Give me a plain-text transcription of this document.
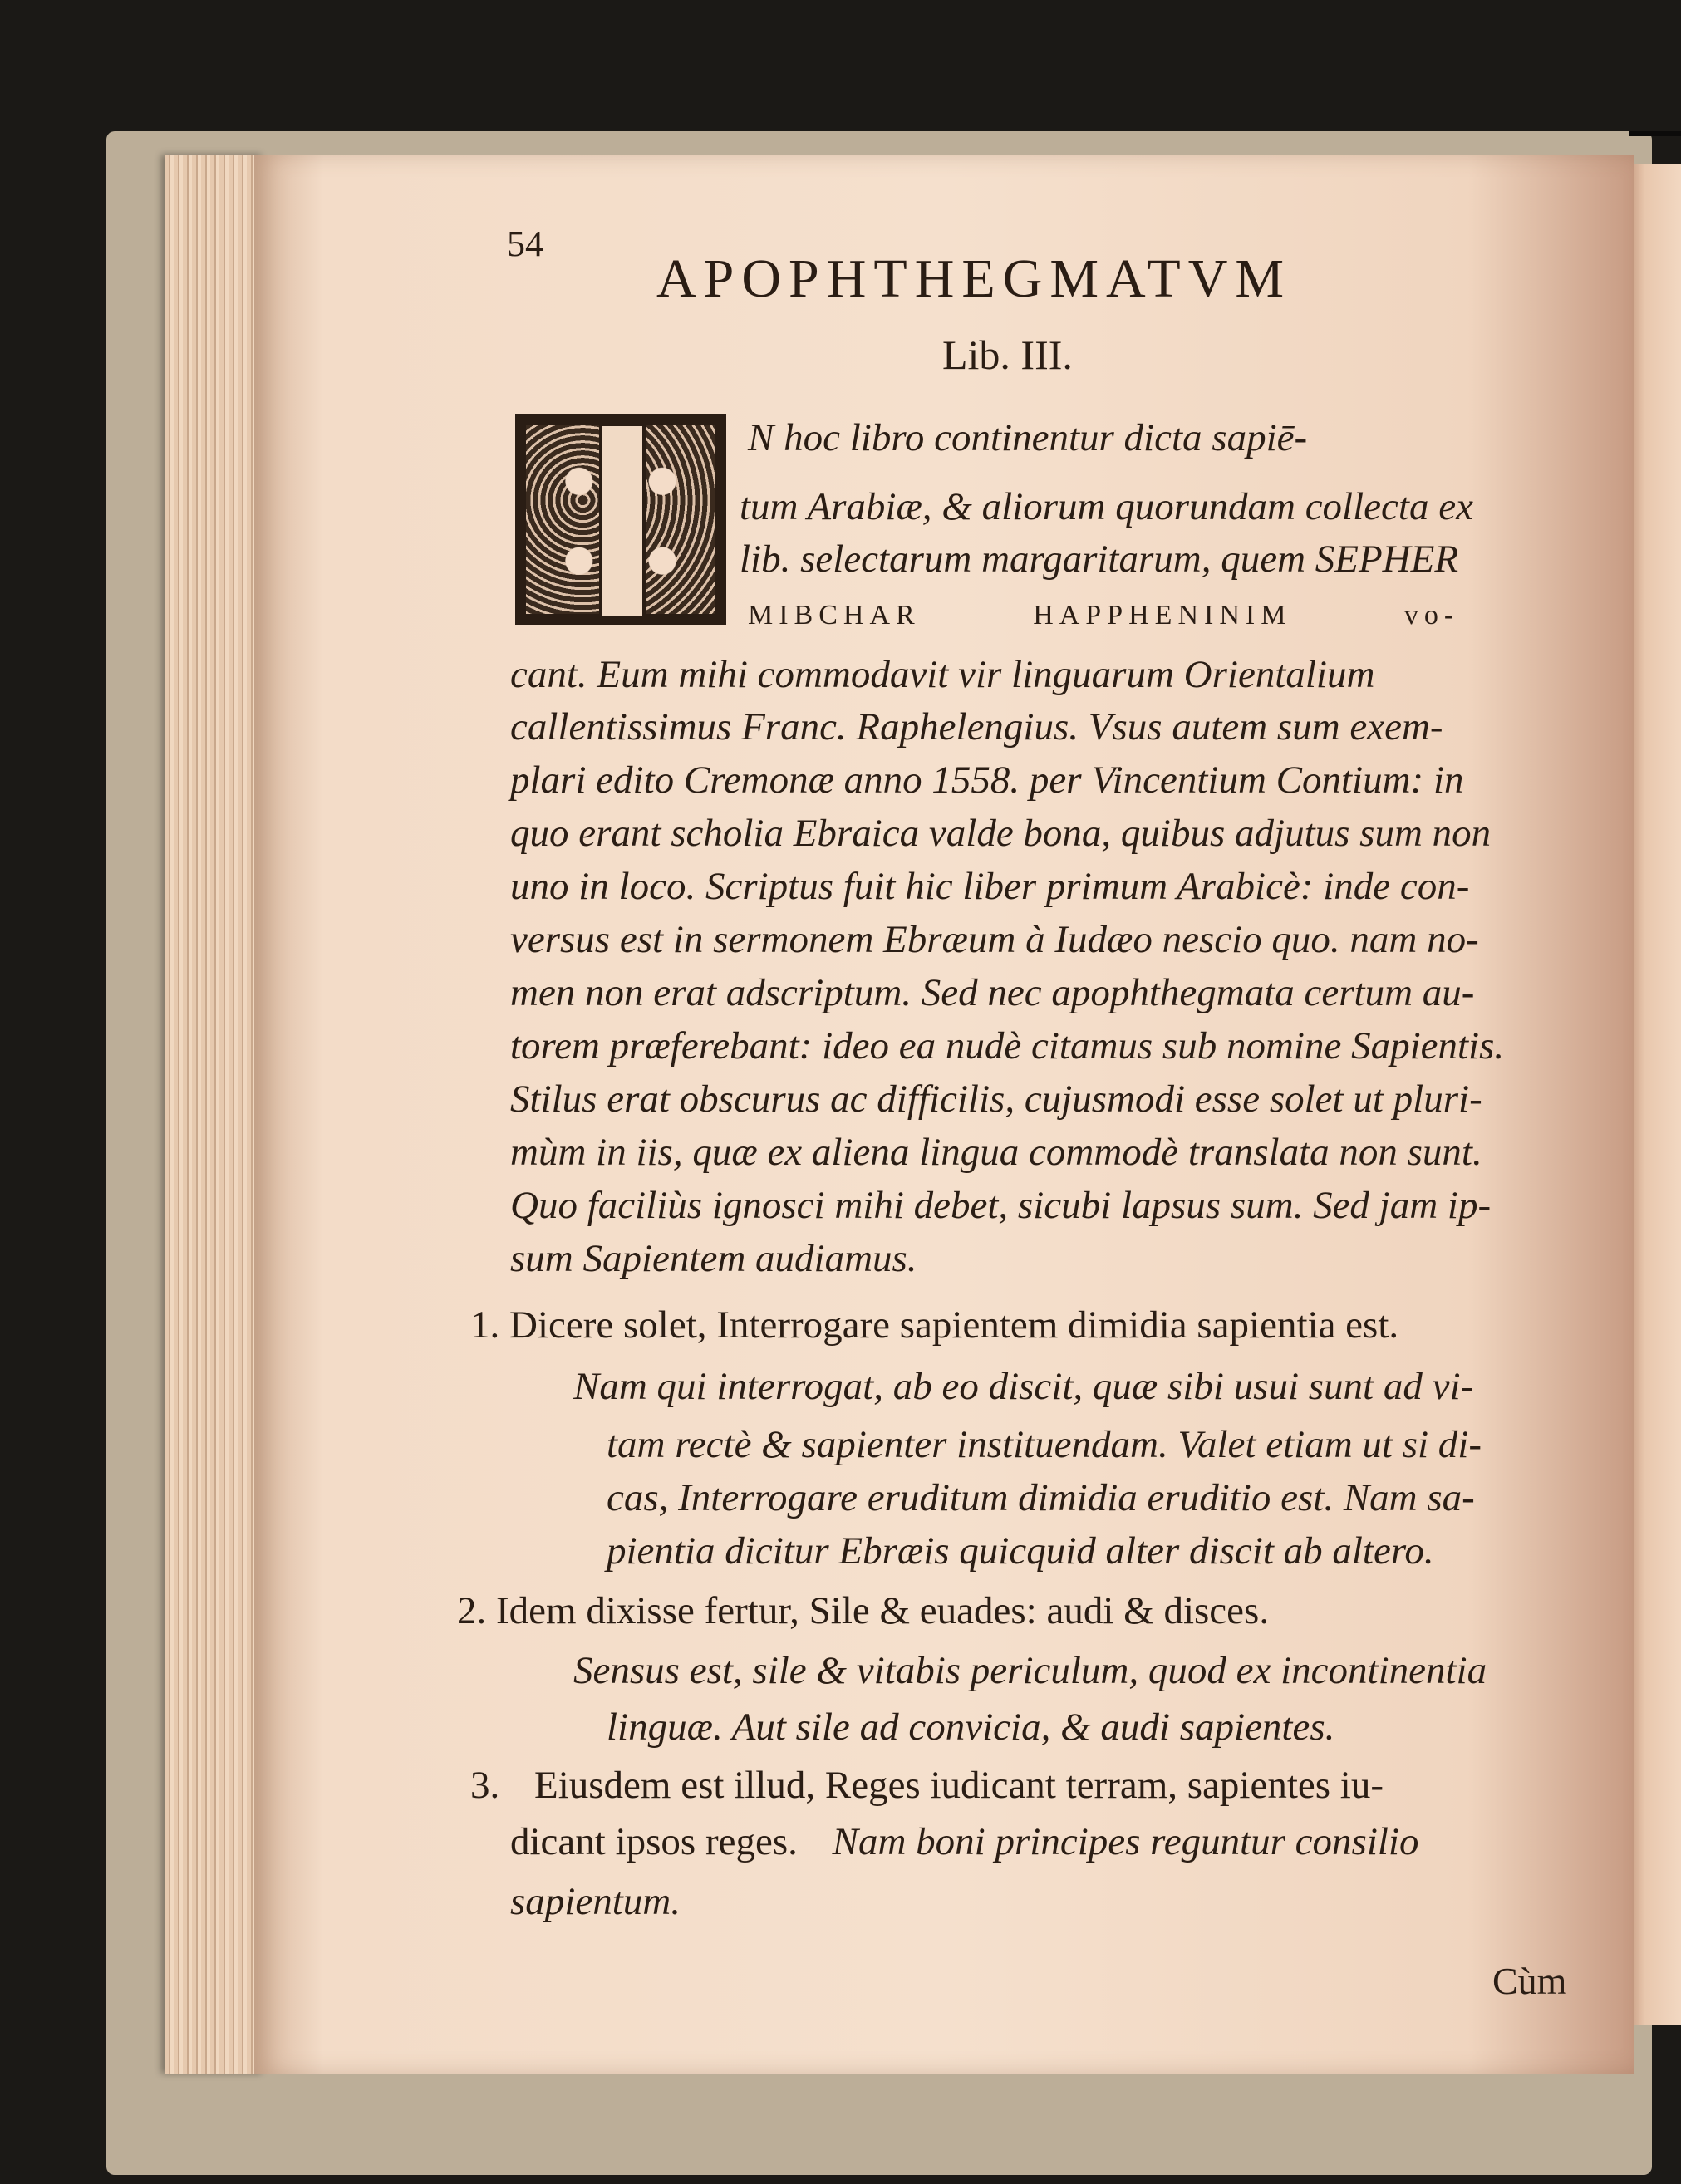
54
APOPHTHEGMATVM
Lib. III.
N hoc libro continentur dicta sapiē-
tum Arabiæ, & aliorum quorundam collecta ex
lib. selectarum margaritarum, quem SEPHER
MIBCHAR HAPPHENINIM vo-
cant. Eum mihi commodavit vir linguarum Orientalium
callentissimus Franc. Raphelengius. Vsus autem sum exem-
plari edito Cremonæ anno 1558. per Vincentium Contium: in
quo erant scholia Ebraica valde bona, quibus adjutus sum non
uno in loco. Scriptus fuit hic liber primum Arabicè: inde con-
versus est in sermonem Ebræum à Iudæo nescio quo. nam no-
men non erat adscriptum. Sed nec apophthegmata certum au-
torem præferebant: ideo ea nudè citamus sub nomine Sapientis.
Stilus erat obscurus ac difficilis, cujusmodi esse solet ut pluri-
mùm in iis, quæ ex aliena lingua commodè translata non sunt.
Quo faciliùs ignosci mihi debet, sicubi lapsus sum. Sed jam ip-
sum Sapientem audiamus.
1. Dicere solet, Interrogare sapientem dimidia sapientia est.
Nam qui interrogat, ab eo discit, quæ sibi usui sunt ad vi-
tam rectè & sapienter instituendam. Valet etiam ut si di-
cas, Interrogare eruditum dimidia eruditio est. Nam sa-
pientia dicitur Ebræis quicquid alter discit ab altero.
2. Idem dixisse fertur, Sile & euades: audi & disces.
Sensus est, sile & vitabis periculum, quod ex incontinentia
linguæ. Aut sile ad convicia, & audi sapientes.
3. Eiusdem est illud, Reges iudicant terram, sapientes iu-
dicant ipsos reges. Nam boni principes reguntur consilio
sapientum.
Cùm
